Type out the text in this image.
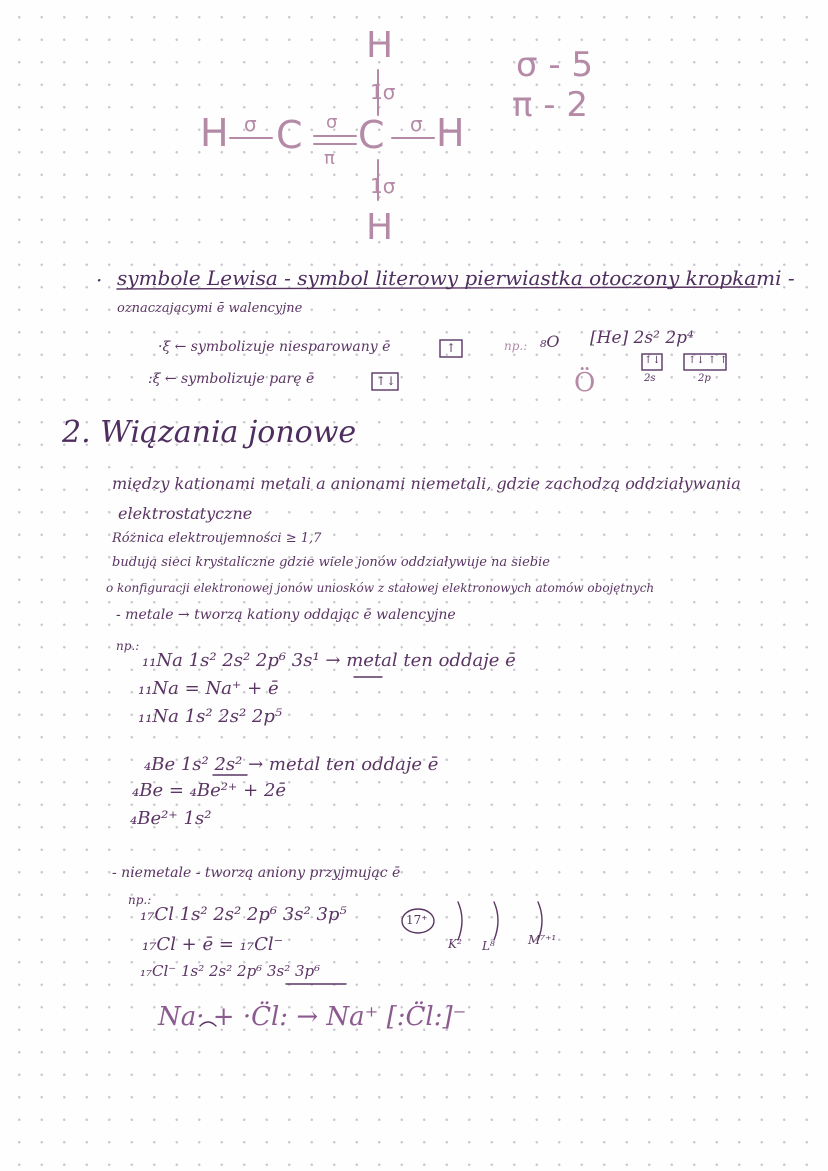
H
1σ
H σ C σ
π
C σ H
1σ
H
σ - 5
π - 2
· symbole Lewisa - symbol literowy pierwiastka otoczony kropkami -
oznaczającymi ē walencyjne
·ξ ← symbolizuje niesparowany ē	↑
:ξ ← symbolizuje parę ē	↑↓
np.: ₈O [He] 2s² 2p⁴
↑↓	↑↓ ↑ ↑
2s	2p
Ö
2. Wiązania jonowe
między kationami metali a anionami niemetali, gdzie zachodzą oddziaływania
elektrostatyczne
Różnica elektroujemności ≥ 1,7
budują sieci krystaliczne gdzie wiele jonów oddziaływuje na siebie
o konfiguracji elektronowej jonów uniosków z stałowej elektronowych atomów obojętnych
- metale → tworzą kationy oddając ē walencyjne
np.:
₁₁Na 1s² 2s² 2p⁶ 3s¹ → metal ten oddaje ē
₁₁Na = Na⁺ + ē
₁₁Na 1s² 2s² 2p⁵
₄Be 1s² 2s² → metal ten oddaje ē
₄Be = ₄Be²⁺ + 2ē
₄Be²⁺ 1s²
- niemetale - tworzą aniony przyjmując ē
np.:
₁₇Cl 1s² 2s² 2p⁶ 3s² 3p⁵	17⁺
K² L⁸	M⁷⁺¹
₁₇Cl + ē = ₁₇Cl⁻
₁₇Cl⁻ 1s² 2s² 2p⁶ 3s² 3p⁶
Na· + ·C̈l: → Na⁺ [:C̈l:]⁻
